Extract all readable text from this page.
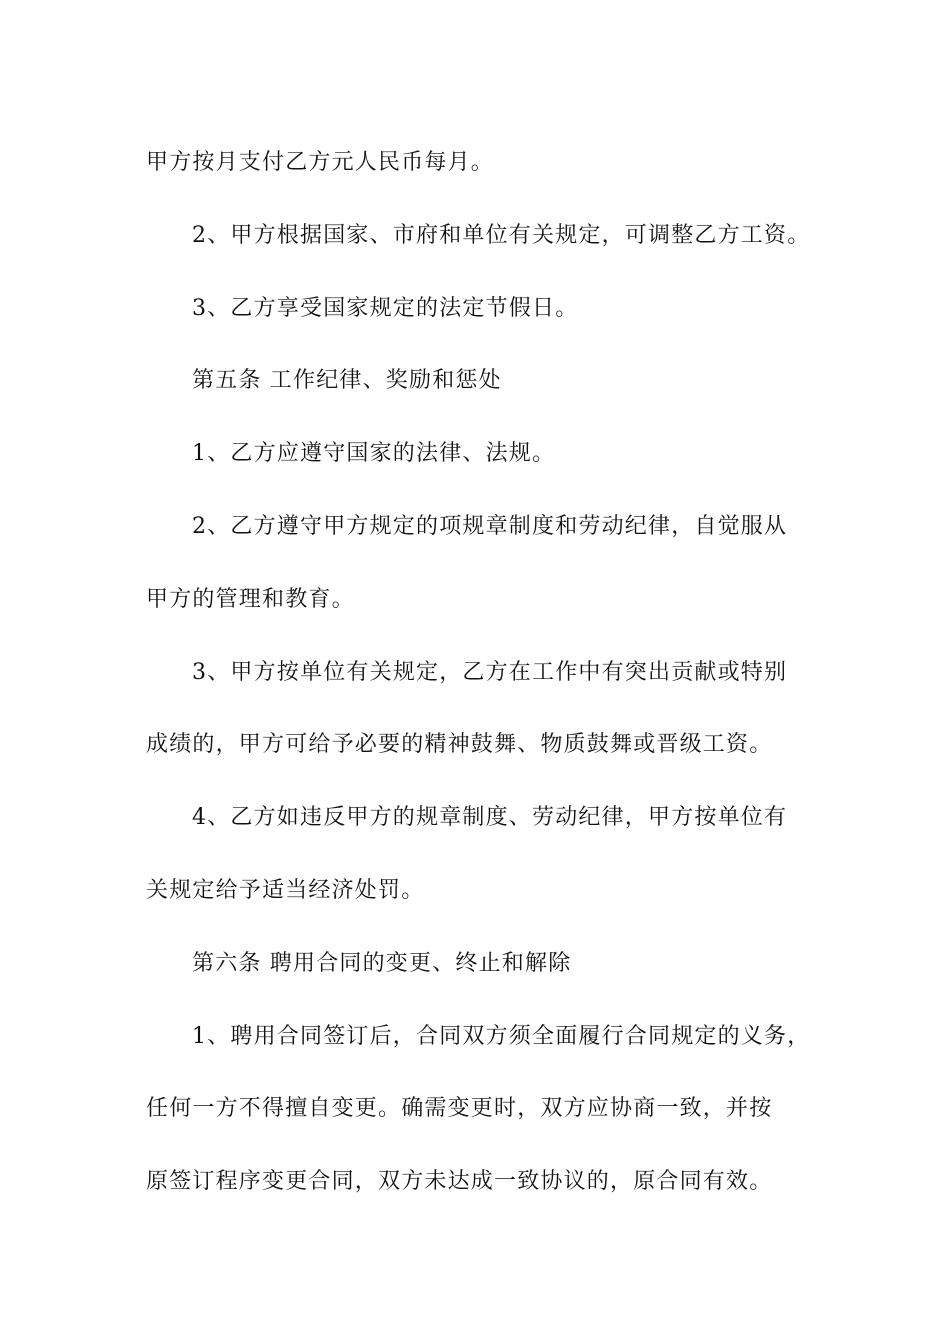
甲方按月支付乙方元人民币每月。
2、甲方根据国家、市府和单位有关规定，可调整乙方工资。
3、乙方享受国家规定的法定节假日。
第五条 工作纪律、奖励和惩处
1、乙方应遵守国家的法律、法规。
2、乙方遵守甲方规定的项规章制度和劳动纪律，自觉服从
甲方的管理和教育。
3、甲方按单位有关规定，乙方在工作中有突出贡献或特别
成绩的，甲方可给予必要的精神鼓舞、物质鼓舞或晋级工资。
4、乙方如违反甲方的规章制度、劳动纪律，甲方按单位有
关规定给予适当经济处罚。
第六条 聘用合同的变更、终止和解除
1、聘用合同签订后，合同双方须全面履行合同规定的义务，
任何一方不得擅自变更。确需变更时，双方应协商一致，并按
原签订程序变更合同，双方未达成一致协议的，原合同有效。
